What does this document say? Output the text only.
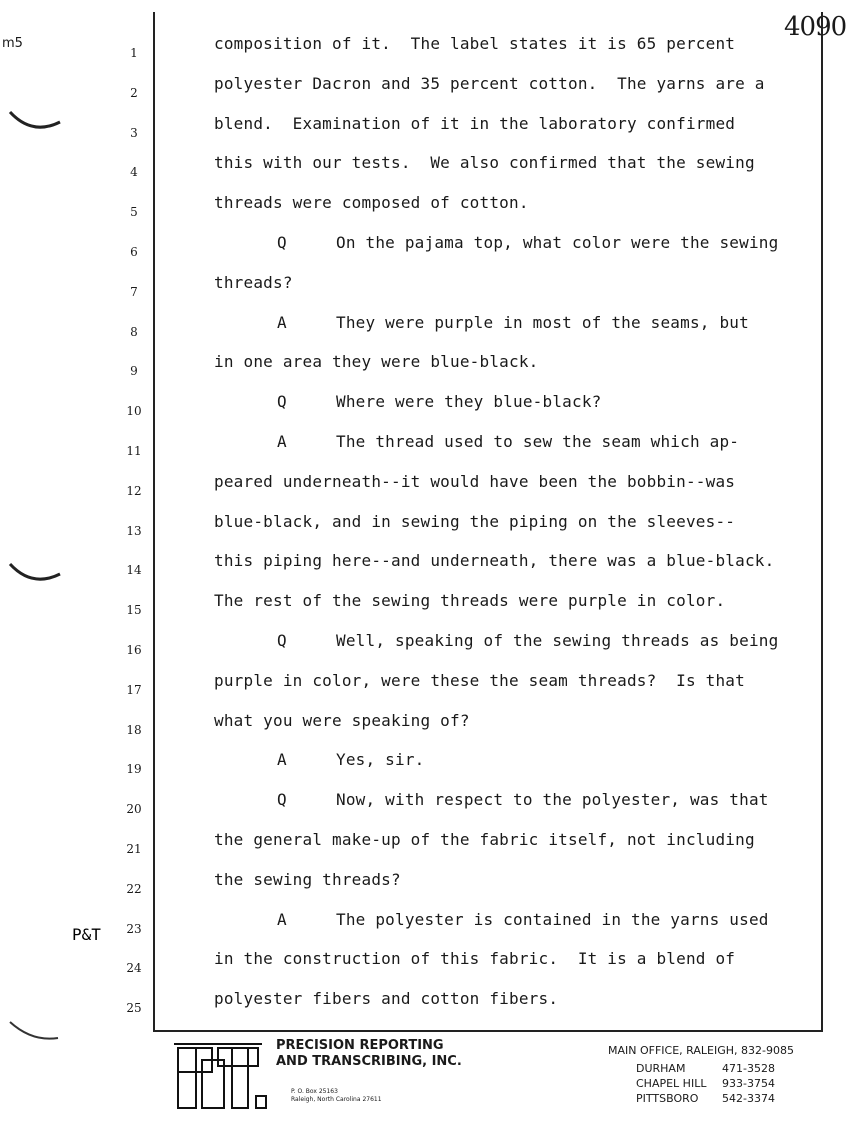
m5
4090
1	composition of it.  The label states it is 65 percent
2	polyester Dacron and 35 percent cotton.  The yarns are a
3	blend.  Examination of it in the laboratory confirmed
4	this with our tests.  We also confirmed that the sewing
5	threads were composed of cotton.
6	Q     On the pajama top, what color were the sewing
7	threads?
8	A     They were purple in most of the seams, but
9	in one area they were blue-black.
10	Q     Where were they blue-black?
11	A     The thread used to sew the seam which ap-
12	peared underneath--it would have been the bobbin--was
13	blue-black, and in sewing the piping on the sleeves--
14	this piping here--and underneath, there was a blue-black.
15	The rest of the sewing threads were purple in color.
16	Q     Well, speaking of the sewing threads as being
17	purple in color, were these the seam threads?  Is that
18	what you were speaking of?
19	A     Yes, sir.
20	Q     Now, with respect to the polyester, was that
21	the general make-up of the fabric itself, not including
22	the sewing threads?
23	A     The polyester is contained in the yarns used
24	in the construction of this fabric.  It is a blend of
25	polyester fibers and cotton fibers.
P&T
PRECISION REPORTING
AND TRANSCRIBING, INC.
P. O. Box 25163
Raleigh, North Carolina 27611
MAIN OFFICE, RALEIGH, 832-9085
DURHAM	471-3528
CHAPEL HILL	933-3754
PITTSBORO	542-3374
